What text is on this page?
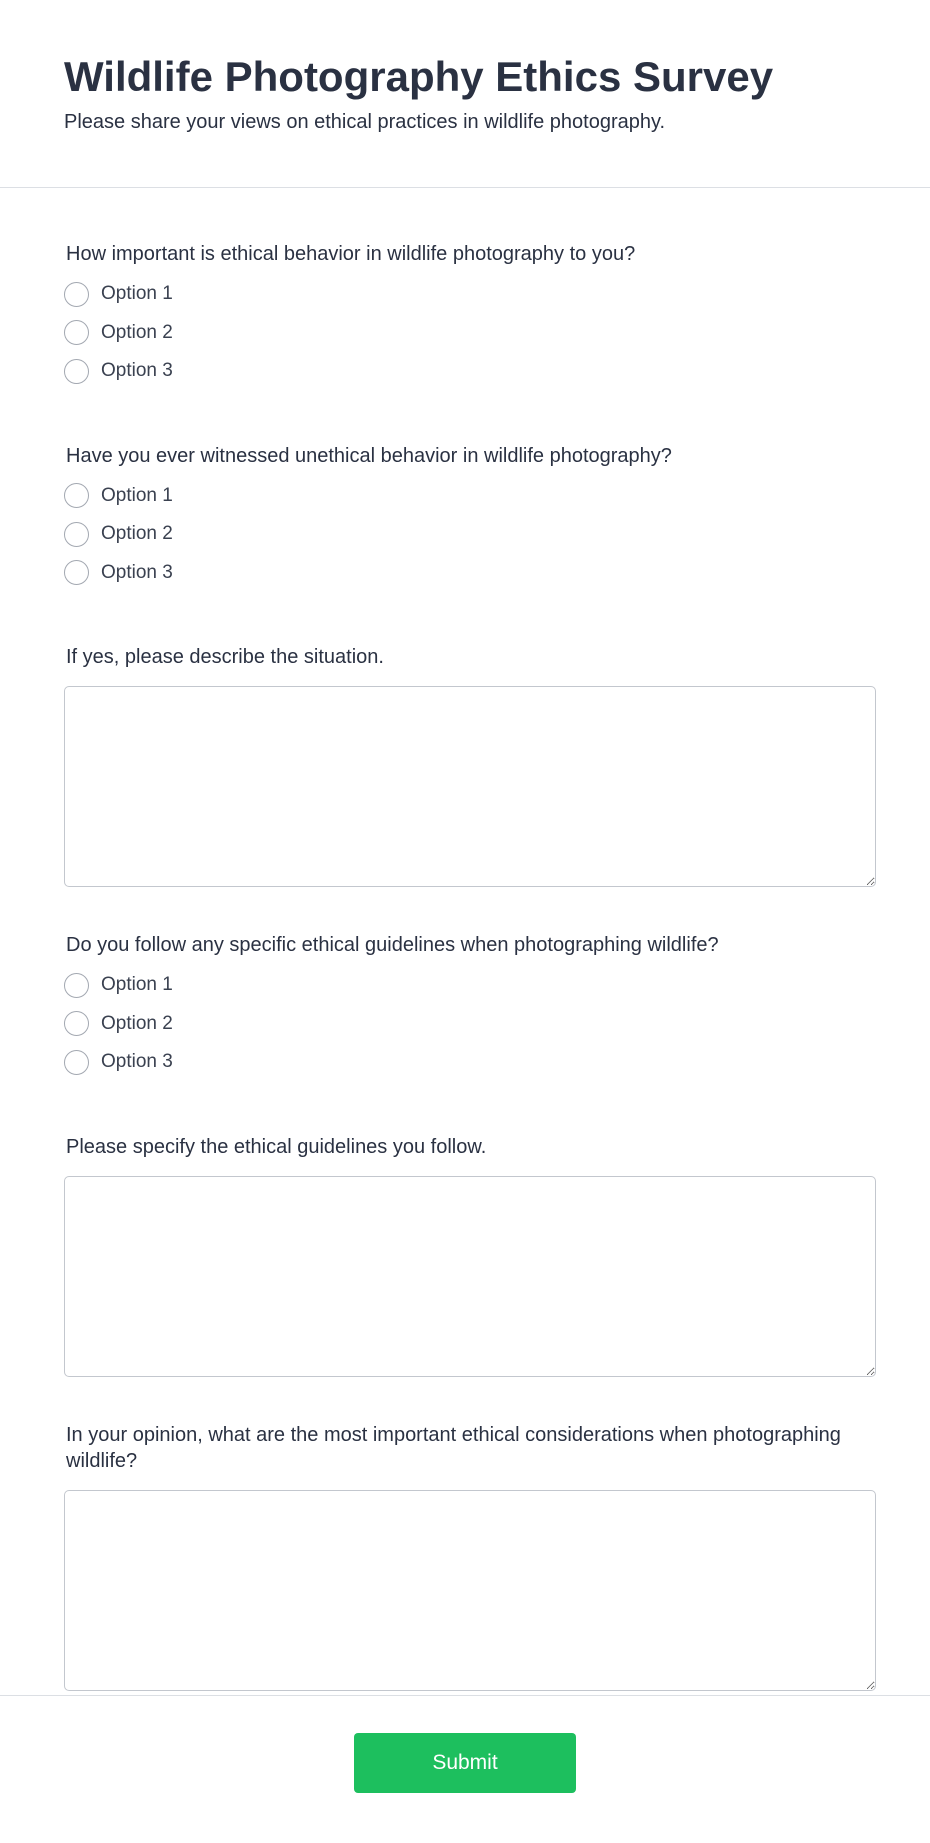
Wildlife Photography Ethics Survey

Please share your views on ethical practices in wildlife photography.

How important is ethical behavior in wildlife photography to you?

Option 1
Option 2
Option 3

Have you ever witnessed unethical behavior in wildlife photography?

Option 1
Option 2
Option 3

If yes, please describe the situation.

Do you follow any specific ethical guidelines when photographing wildlife?

Option 1
Option 2
Option 3

Please specify the ethical guidelines you follow.

In your opinion, what are the most important ethical considerations when photographing wildlife?

Submit
